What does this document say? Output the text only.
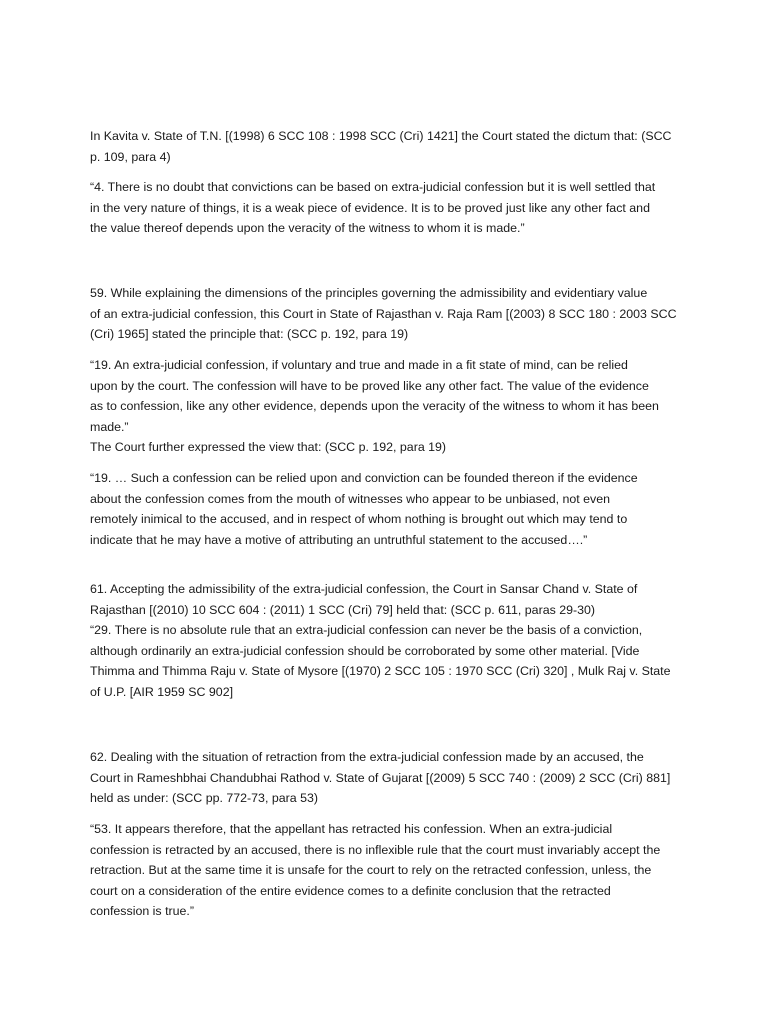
In Kavita v. State of T.N. [(1998) 6 SCC 108 : 1998 SCC (Cri) 1421] the Court stated the dictum that: (SCC
p. 109, para 4)

“4. There is no doubt that convictions can be based on extra-judicial confession but it is well settled that
in the very nature of things, it is a weak piece of evidence. It is to be proved just like any other fact and
the value thereof depends upon the veracity of the witness to whom it is made.”

59. While explaining the dimensions of the principles governing the admissibility and evidentiary value
of an extra-judicial confession, this Court in State of Rajasthan v. Raja Ram [(2003) 8 SCC 180 : 2003 SCC
(Cri) 1965] stated the principle that: (SCC p. 192, para 19)

“19. An extra-judicial confession, if voluntary and true and made in a fit state of mind, can be relied
upon by the court. The confession will have to be proved like any other fact. The value of the evidence
as to confession, like any other evidence, depends upon the veracity of the witness to whom it has been
made.”
The Court further expressed the view that: (SCC p. 192, para 19)

“19. … Such a confession can be relied upon and conviction can be founded thereon if the evidence
about the confession comes from the mouth of witnesses who appear to be unbiased, not even
remotely inimical to the accused, and in respect of whom nothing is brought out which may tend to
indicate that he may have a motive of attributing an untruthful statement to the accused….”

61. Accepting the admissibility of the extra-judicial confession, the Court in Sansar Chand v. State of
Rajasthan [(2010) 10 SCC 604 : (2011) 1 SCC (Cri) 79] held that: (SCC p. 611, paras 29-30)
“29. There is no absolute rule that an extra-judicial confession can never be the basis of a conviction,
although ordinarily an extra-judicial confession should be corroborated by some other material. [Vide
Thimma and Thimma Raju v. State of Mysore [(1970) 2 SCC 105 : 1970 SCC (Cri) 320] , Mulk Raj v. State
of U.P. [AIR 1959 SC 902]

62. Dealing with the situation of retraction from the extra-judicial confession made by an accused, the
Court in Rameshbhai Chandubhai Rathod v. State of Gujarat [(2009) 5 SCC 740 : (2009) 2 SCC (Cri) 881]
held as under: (SCC pp. 772-73, para 53)

“53. It appears therefore, that the appellant has retracted his confession. When an extra-judicial
confession is retracted by an accused, there is no inflexible rule that the court must invariably accept the
retraction. But at the same time it is unsafe for the court to rely on the retracted confession, unless, the
court on a consideration of the entire evidence comes to a definite conclusion that the retracted
confession is true.”
